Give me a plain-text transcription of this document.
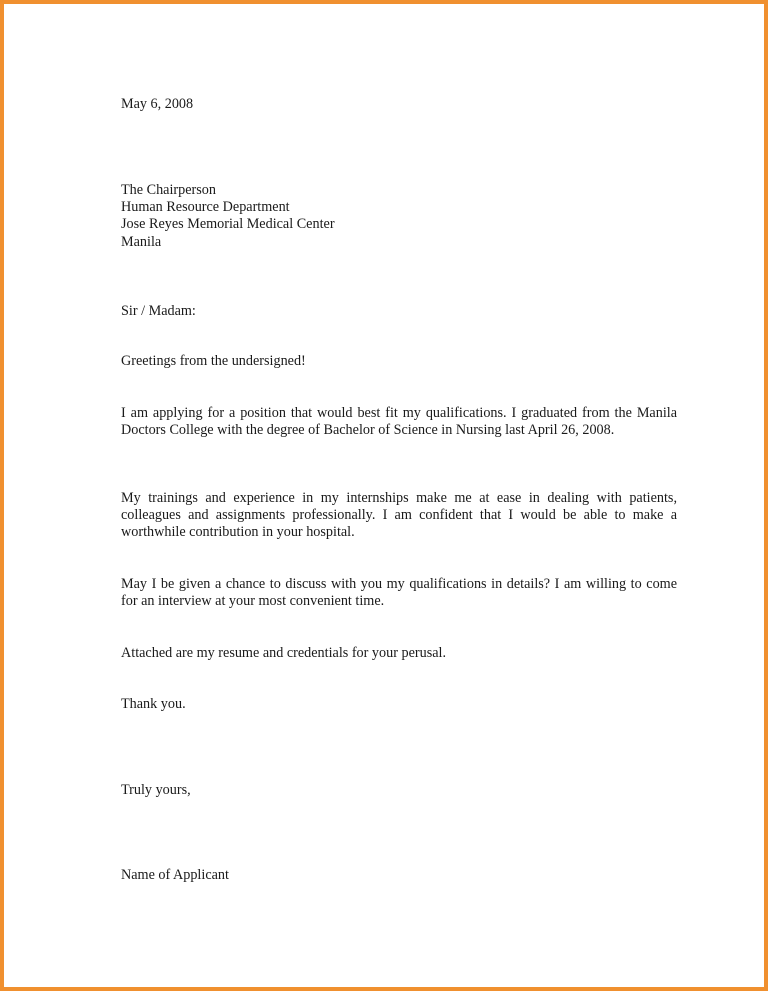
May 6, 2008

The Chairperson
Human Resource Department
Jose Reyes Memorial Medical Center
Manila

Sir / Madam:

Greetings from the undersigned!

I am applying for a position that would best fit my qualifications. I graduated from the Manila Doctors College with the degree of Bachelor of Science in Nursing last April 26, 2008.

My trainings and experience in my internships make me at ease in dealing with patients, colleagues and assignments professionally. I am confident that I would be able to make a worthwhile contribution in your hospital.

May I be given a chance to discuss with you my qualifications in details? I am willing to come for an interview at your most convenient time.

Attached are my resume and credentials for your perusal.

Thank you.

Truly yours,

Name of Applicant
